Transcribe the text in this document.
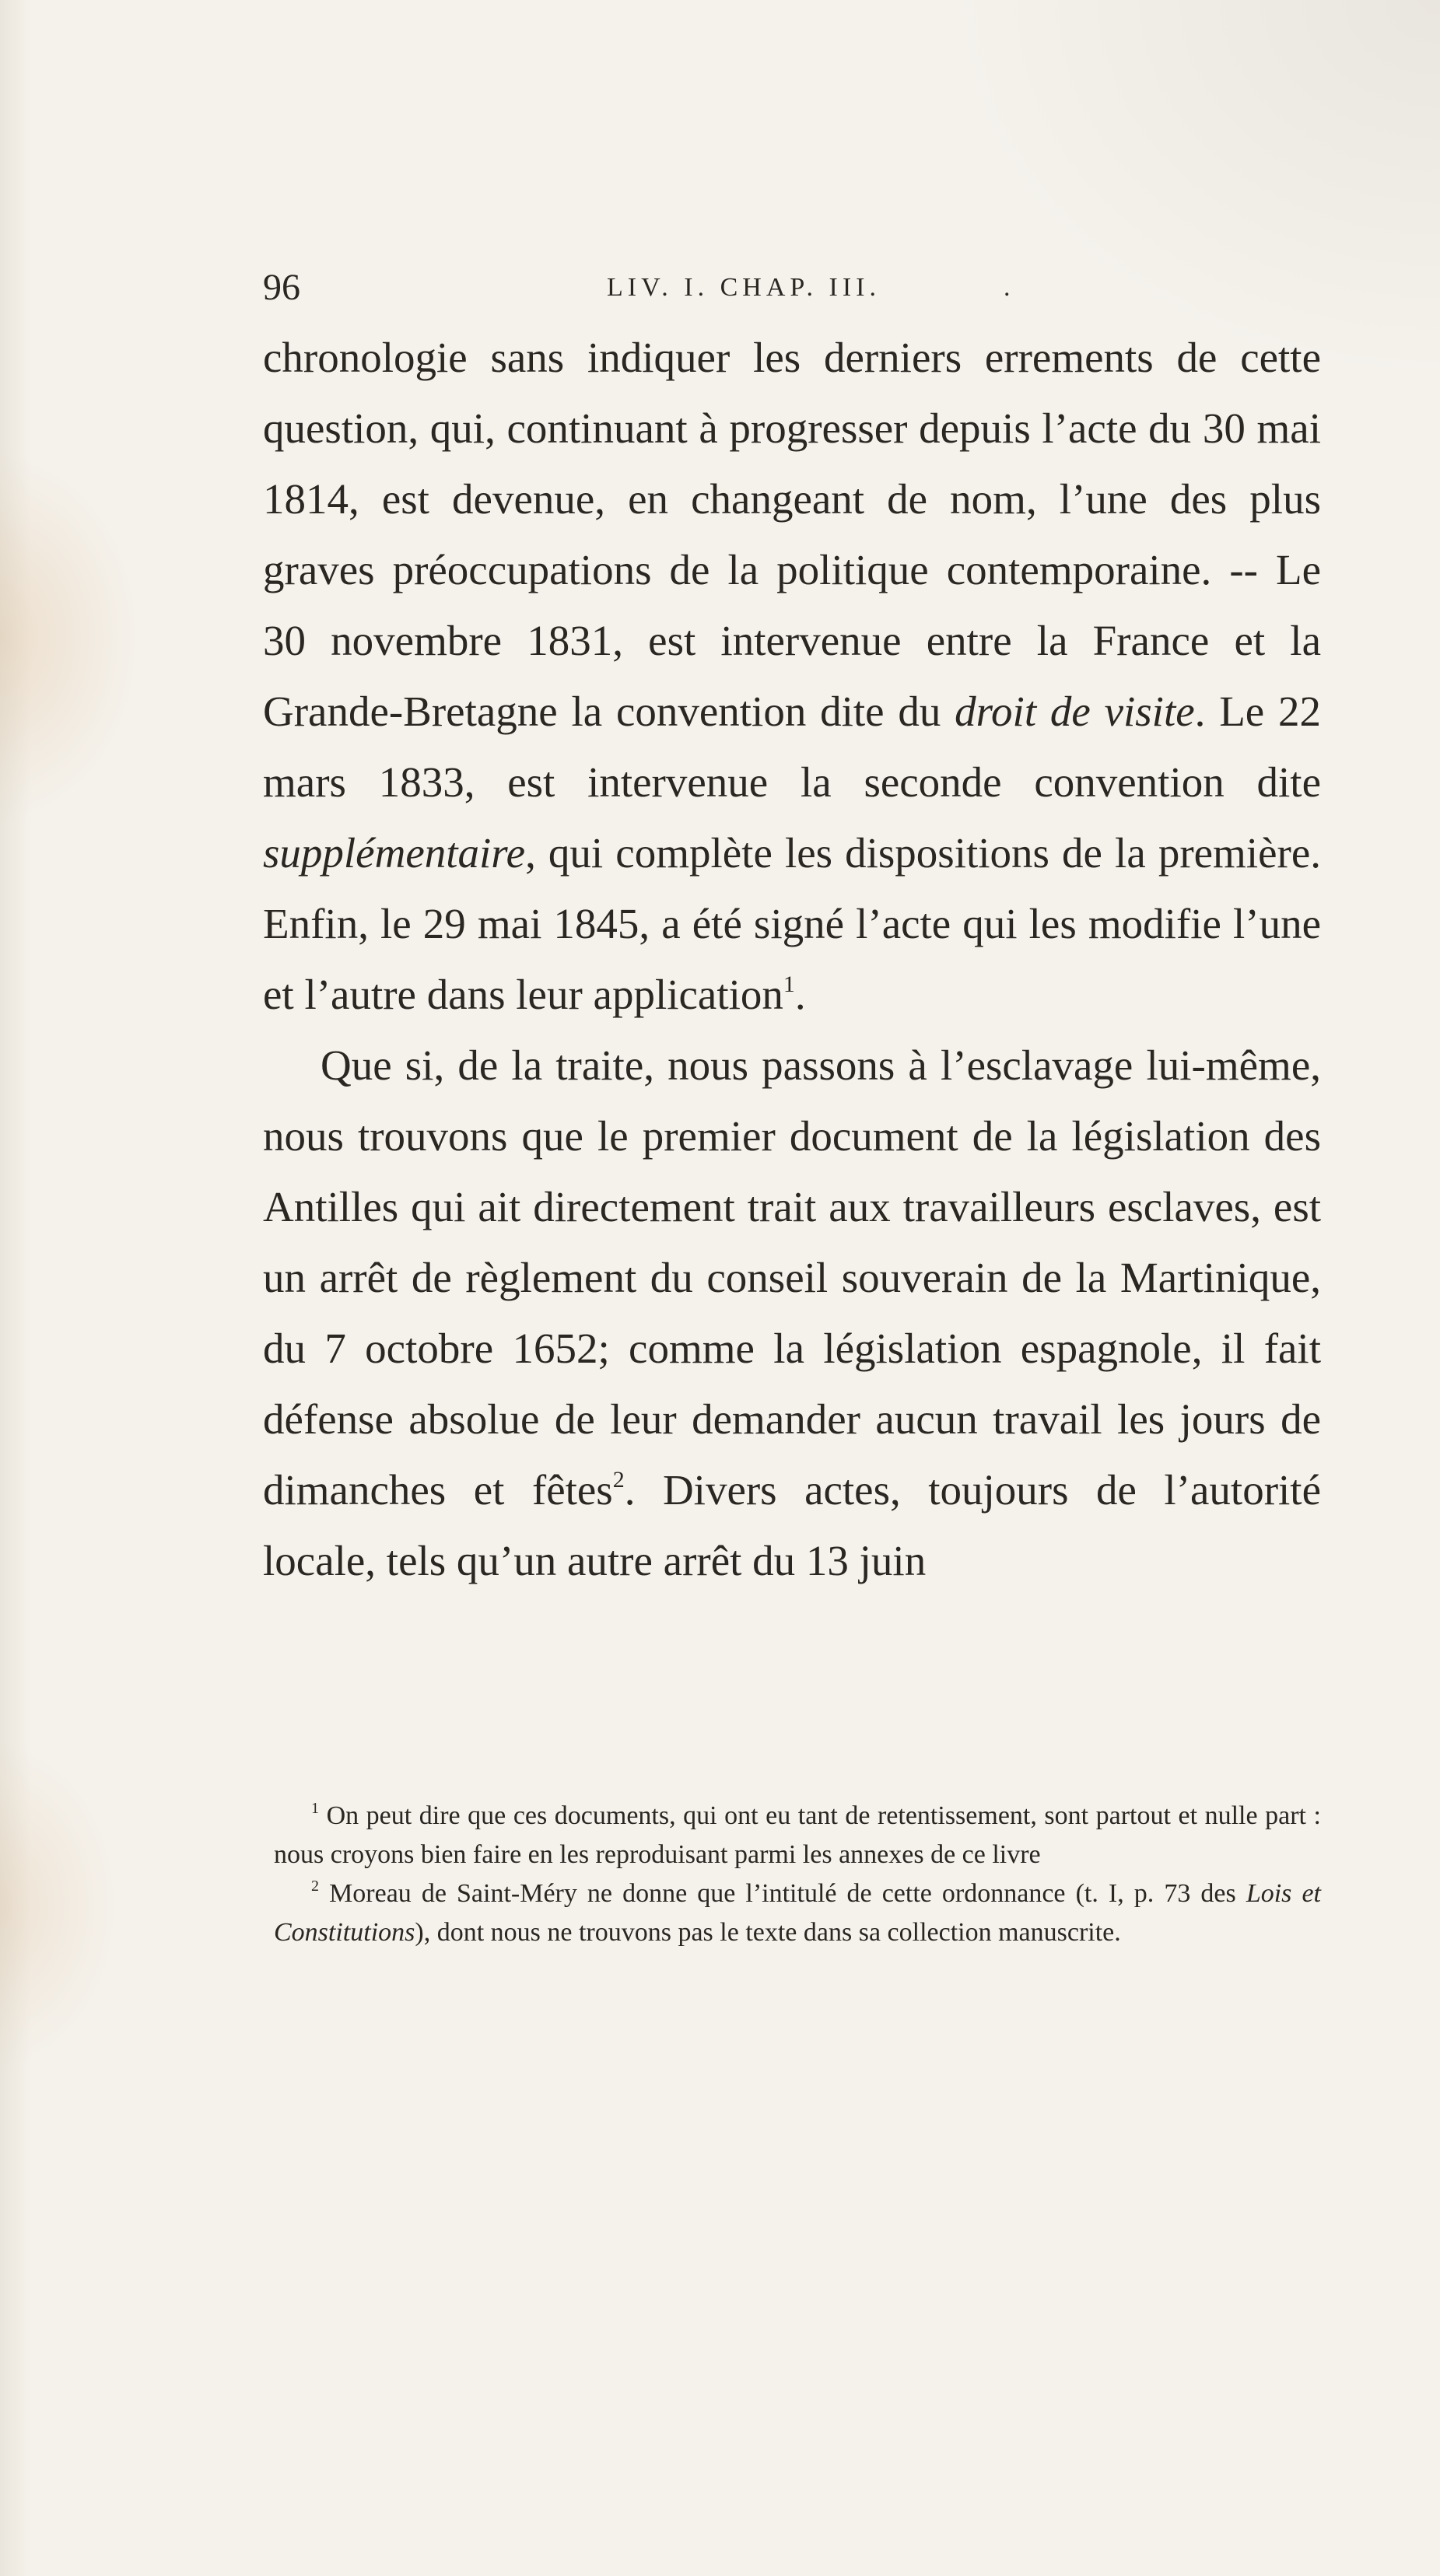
96	LIV. I. CHAP. III.	.

chronologie sans indiquer les derniers errements de cette question, qui, continuant à progresser depuis l’acte du 30 mai 1814, est devenue, en changeant de nom, l’une des plus graves préoccupations de la politique contemporaine. -- Le 30 novembre 1831, est intervenue entre la France et la Grande-Bretagne la convention dite du droit de visite. Le 22 mars 1833, est intervenue la seconde convention dite supplémentaire, qui complète les dispositions de la première. Enfin, le 29 mai 1845, a été signé l’acte qui les modifie l’une et l’autre dans leur application$^1$.

Que si, de la traite, nous passons à l’esclavage lui-même, nous trouvons que le premier document de la législation des Antilles qui ait directement trait aux travailleurs esclaves, est un arrêt de règlement du conseil souverain de la Martinique, du 7 octobre 1652; comme la législation espagnole, il fait défense absolue de leur demander aucun travail les jours de dimanches et fêtes$^2$. Divers actes, toujours de l’autorité locale, tels qu’un autre arrêt du 13 juin

$^1$ On peut dire que ces documents, qui ont eu tant de retentissement, sont partout et nulle part : nous croyons bien faire en les reproduisant parmi les annexes de ce livre

$^2$ Moreau de Saint-Méry ne donne que l’intitulé de cette ordonnance (t. I, p. 73 des Lois et Constitutions), dont nous ne trouvons pas le texte dans sa collection manuscrite.
